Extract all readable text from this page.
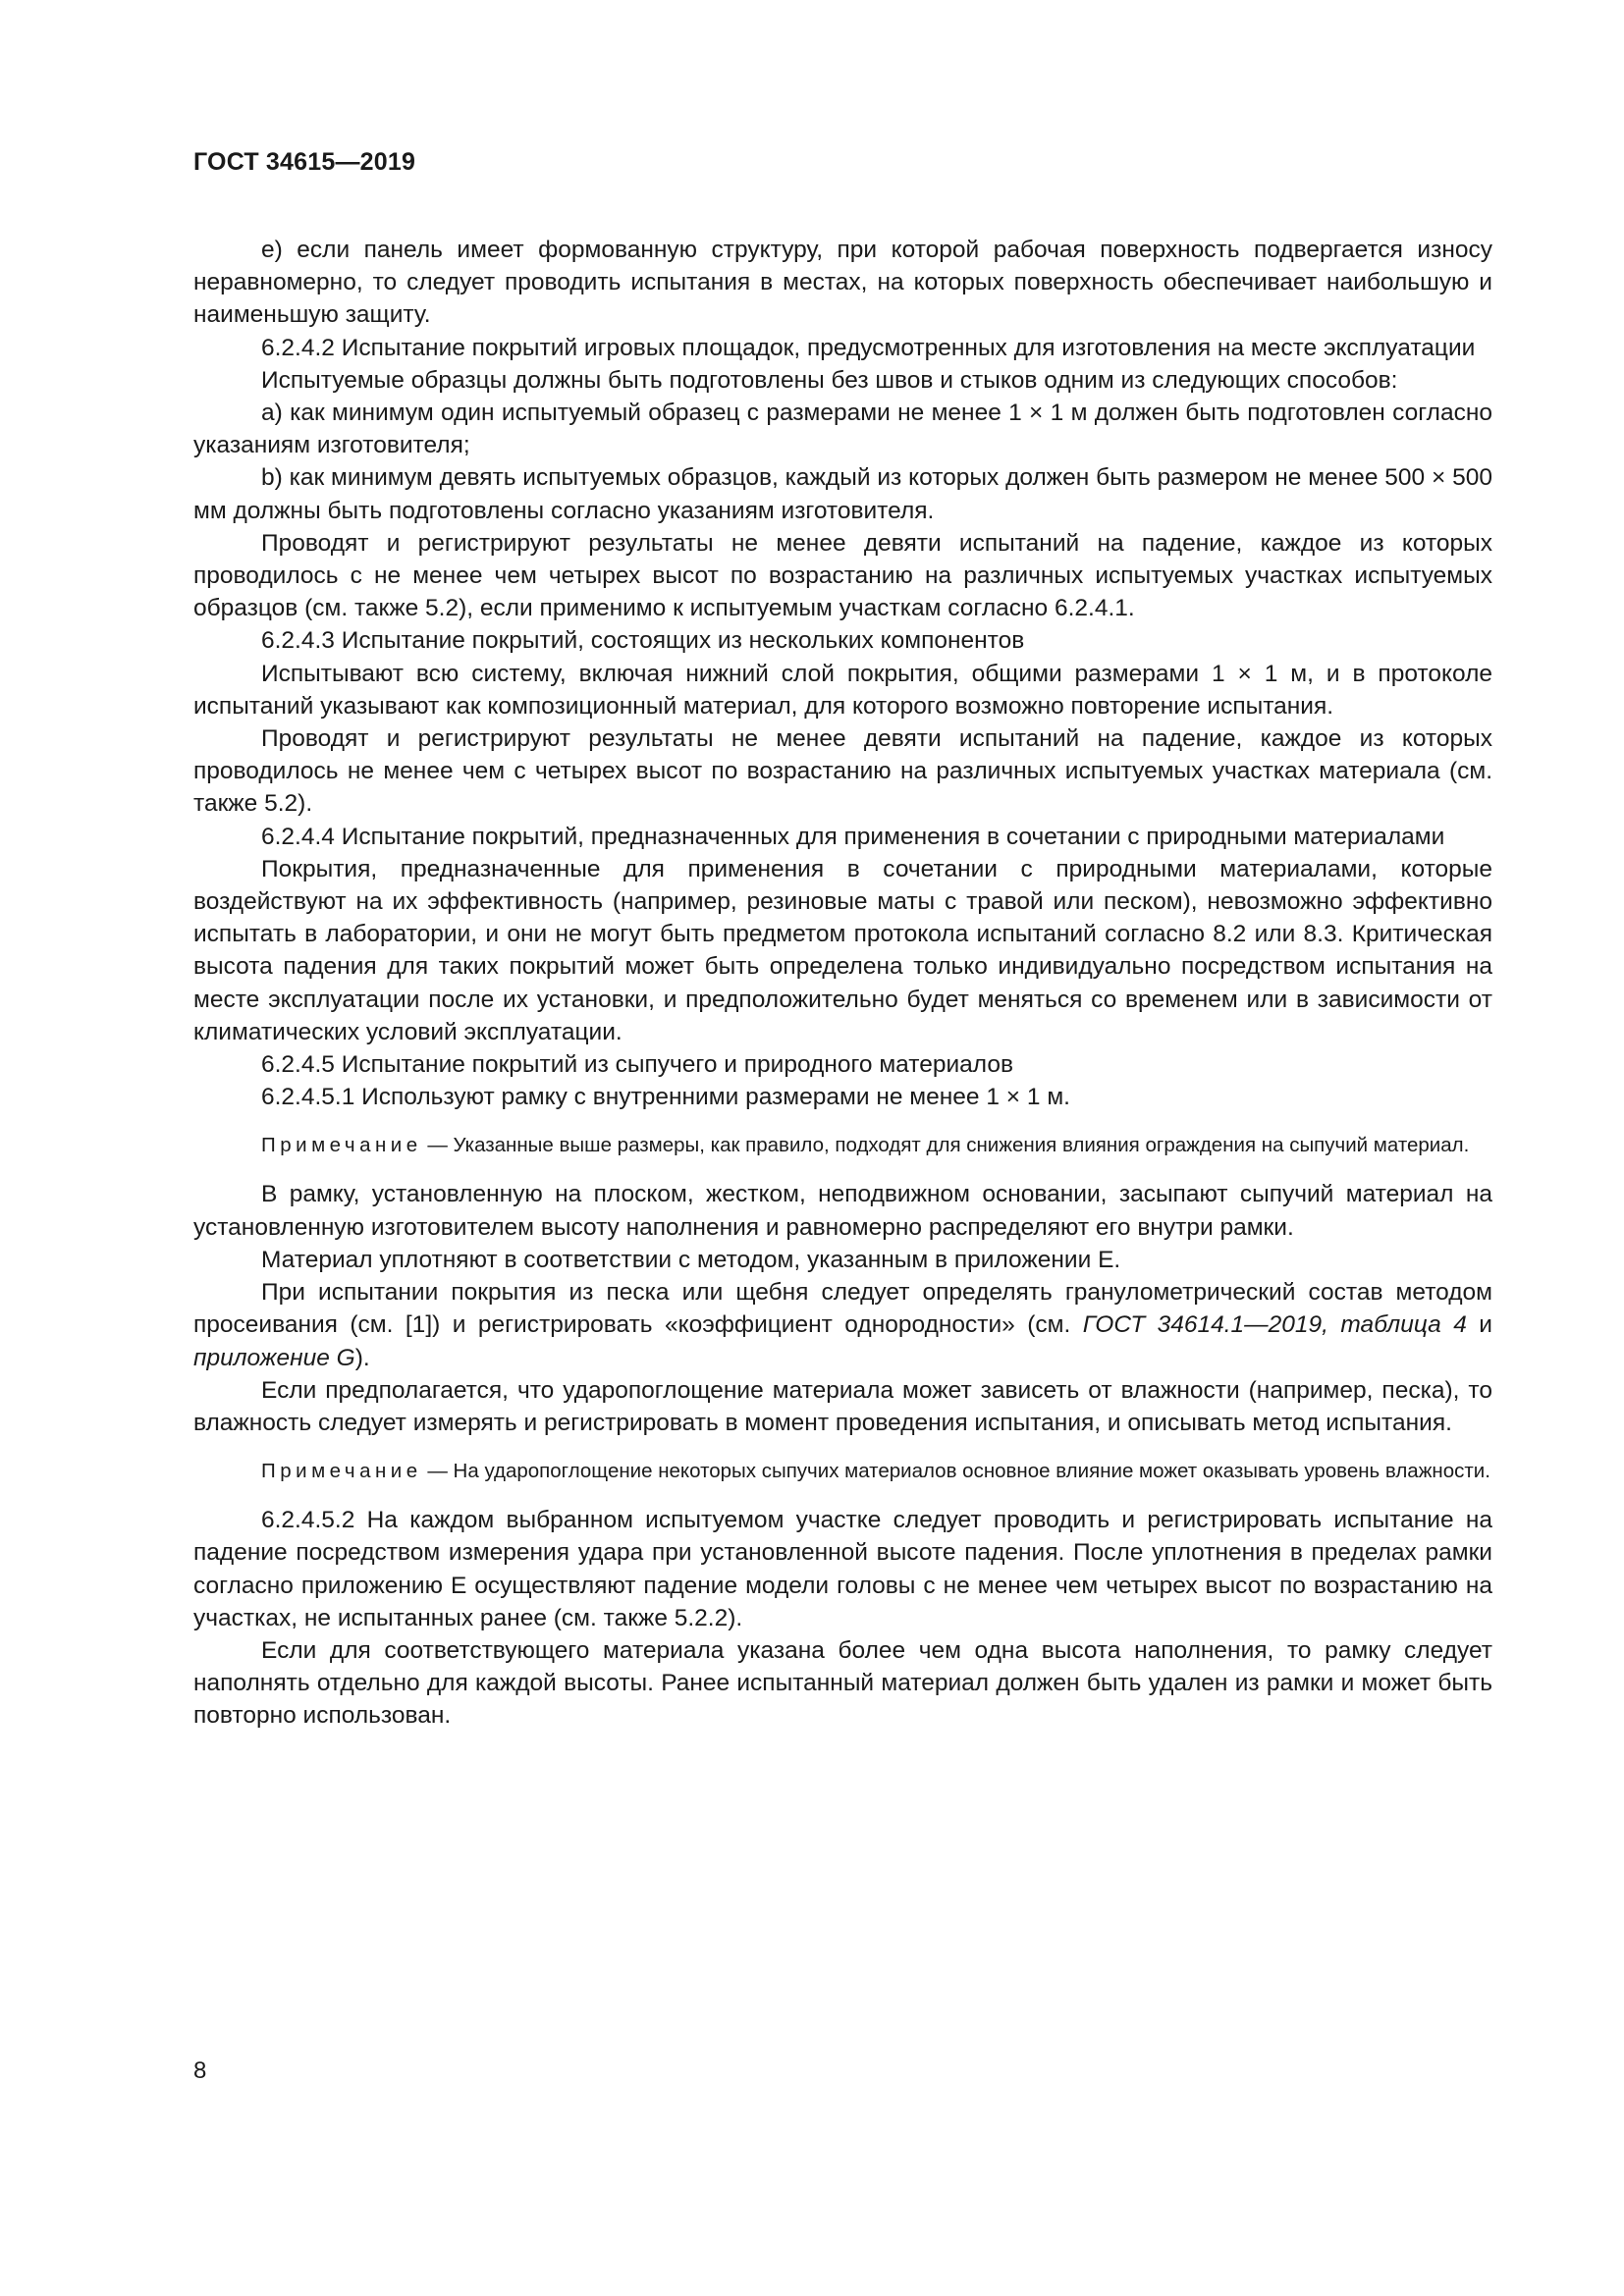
ГОСТ 34615—2019

е) если панель имеет формованную структуру, при которой рабочая поверхность подвергается износу неравномерно, то следует проводить испытания в местах, на которых поверхность обеспечивает наибольшую и наименьшую защиту.

6.2.4.2 Испытание покрытий игровых площадок, предусмотренных для изготовления на месте эксплуатации

Испытуемые образцы должны быть подготовлены без швов и стыков одним из следующих способов:

а) как минимум один испытуемый образец с размерами не менее 1 × 1 м должен быть подготовлен согласно указаниям изготовителя;

b) как минимум девять испытуемых образцов, каждый из которых должен быть размером не менее 500 × 500 мм должны быть подготовлены согласно указаниям изготовителя.

Проводят и регистрируют результаты не менее девяти испытаний на падение, каждое из которых проводилось с не менее чем четырех высот по возрастанию на различных испытуемых участках испытуемых образцов (см. также 5.2), если применимо к испытуемым участкам согласно 6.2.4.1.

6.2.4.3 Испытание покрытий, состоящих из нескольких компонентов

Испытывают всю систему, включая нижний слой покрытия, общими размерами 1 × 1 м, и в протоколе испытаний указывают как композиционный материал, для которого возможно повторение испытания.

Проводят и регистрируют результаты не менее девяти испытаний на падение, каждое из которых проводилось не менее чем с четырех высот по возрастанию на различных испытуемых участках материала (см. также 5.2).

6.2.4.4 Испытание покрытий, предназначенных для применения в сочетании с природными материалами

Покрытия, предназначенные для применения в сочетании с природными материалами, которые воздействуют на их эффективность (например, резиновые маты с травой или песком), невозможно эффективно испытать в лаборатории, и они не могут быть предметом протокола испытаний согласно 8.2 или 8.3. Критическая высота падения для таких покрытий может быть определена только индивидуально посредством испытания на месте эксплуатации после их установки, и предположительно будет меняться со временем или в зависимости от климатических условий эксплуатации.

6.2.4.5 Испытание покрытий из сыпучего и природного материалов

6.2.4.5.1 Используют рамку с внутренними размерами не менее 1 × 1 м.

Примечание — Указанные выше размеры, как правило, подходят для снижения влияния ограждения на сыпучий материал.

В рамку, установленную на плоском, жестком, неподвижном основании, засыпают сыпучий материал на установленную изготовителем высоту наполнения и равномерно распределяют его внутри рамки.

Материал уплотняют в соответствии с методом, указанным в приложении Е.

При испытании покрытия из песка или щебня следует определять гранулометрический состав методом просеивания (см. [1]) и регистрировать «коэффициент однородности» (см. ГОСТ 34614.1—2019, таблица 4 и приложение G).

Если предполагается, что ударопоглощение материала может зависеть от влажности (например, песка), то влажность следует измерять и регистрировать в момент проведения испытания, и описывать метод испытания.

Примечание — На ударопоглощение некоторых сыпучих материалов основное влияние может оказывать уровень влажности.

6.2.4.5.2 На каждом выбранном испытуемом участке следует проводить и регистрировать испытание на падение посредством измерения удара при установленной высоте падения. После уплотнения в пределах рамки согласно приложению Е осуществляют падение модели головы с не менее чем четырех высот по возрастанию на участках, не испытанных ранее (см. также 5.2.2).

Если для соответствующего материала указана более чем одна высота наполнения, то рамку следует наполнять отдельно для каждой высоты. Ранее испытанный материал должен быть удален из рамки и может быть повторно использован.

8
